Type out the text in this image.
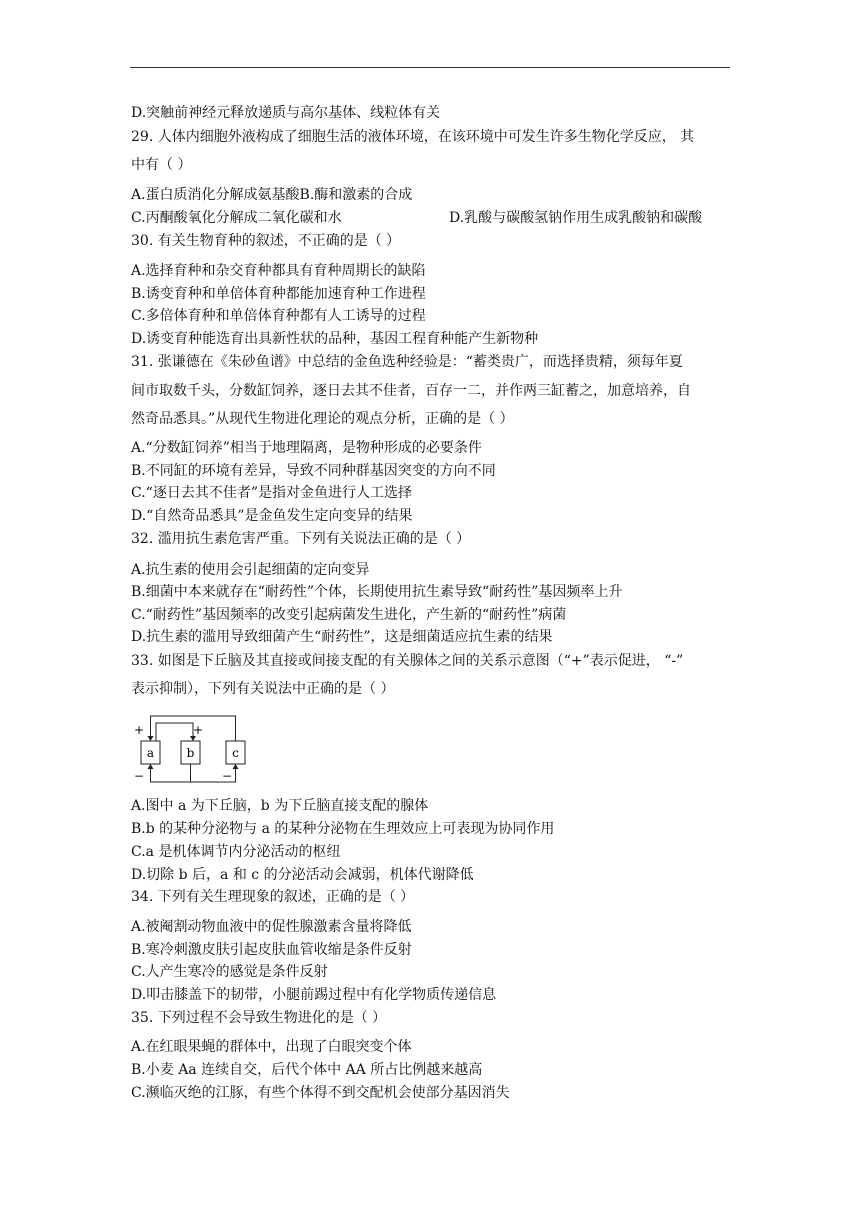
D.突触前神经元释放递质与高尔基体、线粒体有关
29. 人体内细胞外液构成了细胞生活的液体环境，在该环境中可发生许多生物化学反应， 其
中有（ ）
A.蛋白质消化分解成氨基酸B.酶和激素的合成
C.丙酮酸氧化分解成二氧化碳和水
30. 有关生物育种的叙述，不正确的是（ ）
A.选择育种和杂交育种都具有育种周期长的缺陷
B.诱变育种和单倍体育种都能加速育种工作进程
C.多倍体育种和单倍体育种都有人工诱导的过程
D.诱变育种能选育出具新性状的品种，基因工程育种能产生新物种
31. 张谦德在《朱砂鱼谱》中总结的金鱼选种经验是：“蓄类贵广，而选择贵精，须每年夏
间市取数千头，分数缸饲养，逐日去其不佳者，百存一二，并作两三缸蓄之，加意培养，自
然奇品悉具。”从现代生物进化理论的观点分析，正确的是（ ）
A.“分数缸饲养”相当于地理隔离，是物种形成的必要条件
B.不同缸的环境有差异，导致不同种群基因突变的方向不同
C.“逐日去其不佳者”是指对金鱼进行人工选择
D.“自然奇品悉具”是金鱼发生定向变异的结果
32. 滥用抗生素危害严重。下列有关说法正确的是（ ）
A.抗生素的使用会引起细菌的定向变异
B.细菌中本来就存在“耐药性”个体，长期使用抗生素导致“耐药性”基因频率上升
C.“耐药性”基因频率的改变引起病菌发生进化，产生新的“耐药性”病菌
D.抗生素的滥用导致细菌产生“耐药性”，这是细菌适应抗生素的结果
33. 如图是下丘脑及其直接或间接支配的有关腺体之间的关系示意图（“+”表示促进， “-”
表示抑制），下列有关说法中正确的是（ ）
A.图中 a 为下丘脑，b 为下丘脑直接支配的腺体
B.b 的某种分泌物与 a 的某种分泌物在生理效应上可表现为协同作用
C.a 是机体调节内分泌活动的枢纽
D.切除 b 后，a 和 c 的分泌活动会减弱，机体代谢降低
34. 下列有关生理现象的叙述，正确的是（ ）
A.被阉割动物血液中的促性腺激素含量将降低
B.寒冷刺激皮肤引起皮肤血管收缩是条件反射
C.人产生寒冷的感觉是条件反射
D.叩击膝盖下的韧带，小腿前踢过程中有化学物质传递信息
35. 下列过程不会导致生物进化的是（ ）
A.在红眼果蝇的群体中，出现了白眼突变个体
B.小麦 Aa 连续自交，后代个体中 AA 所占比例越来越高
C.濒临灭绝的江豚，有些个体得不到交配机会使部分基因消失
D.乳酸与碳酸氢钠作用生成乳酸钠和碳酸
a	b	c
+	+
−	−
